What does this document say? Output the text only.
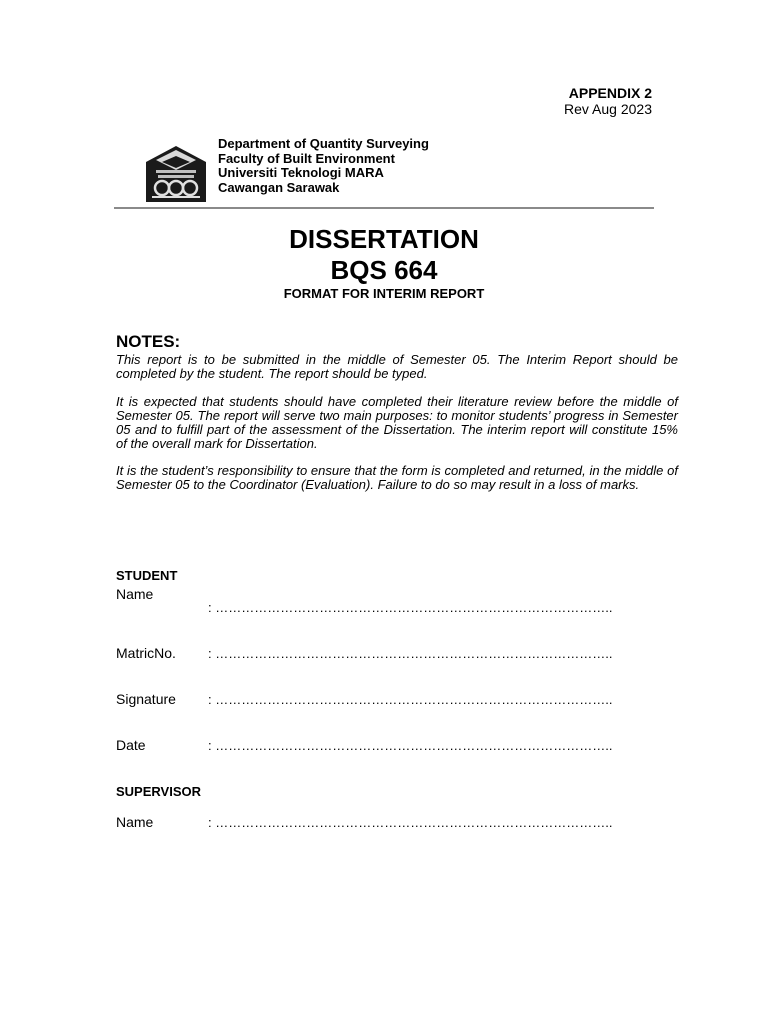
APPENDIX 2
Rev Aug 2023
Department of Quantity Surveying
Faculty of Built Environment
Universiti Teknologi MARA
Cawangan Sarawak
DISSERTATION
BQS 664
FORMAT FOR INTERIM REPORT
NOTES:

This report is to be submitted in the middle of Semester 05. The Interim Report should be completed by the student. The report should be typed.

It is expected that students should have completed their literature review before the middle of Semester 05. The report will serve two main purposes: to monitor students’ progress in Semester 05 and to fulfill part of the assessment of the Dissertation. The interim report will constitute 15% of the overall mark for Dissertation.

It is the student’s responsibility to ensure that the form is completed and returned, in the middle of Semester 05 to the Coordinator (Evaluation). Failure to do so may result in a loss of marks.

STUDENT
Name
: ………………………………………………………………………………..
MatricNo. : ………………………………………………………………………………..
Signature : ………………………………………………………………………………..
Date	: ………………………………………………………………………………..
SUPERVISOR
Name	: ………………………………………………………………………………..
